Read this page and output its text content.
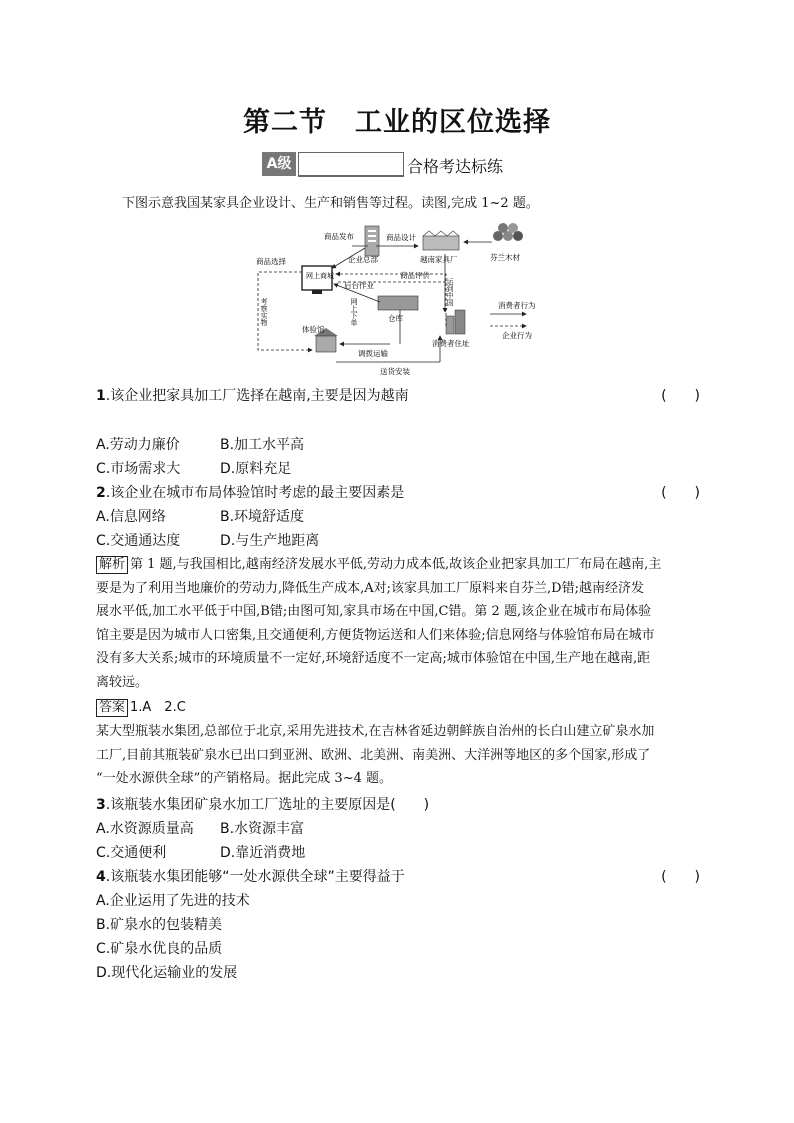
第二节　工业的区位选择
A级	合格考达标练
下图示意我国某家具企业设计、生产和销售等过程。读图,完成 1~2 题。
商品发布	商品设计
企业总部	越南家具厂	芬兰木材
商品选择
网上商城	商品评价
运到中国
后台作业
网上下单	仓库
考察实物
体验馆
消费者住址
调拨运输
送货安装
消费者行为
企业行为
1.该企业把家具加工厂选择在越南,主要是因为越南	(　　)
A.劳动力廉价	B.加工水平高
C.市场需求大	D.原料充足
2.该企业在城市布局体验馆时考虑的最主要因素是	(　　)
A.信息网络	B.环境舒适度
C.交通通达度	D.与生产地距离
解析 第 1 题,与我国相比,越南经济发展水平低,劳动力成本低,故该企业把家具加工厂布局在越南,主
要是为了利用当地廉价的劳动力,降低生产成本,A对;该家具加工厂原料来自芬兰,D错;越南经济发
展水平低,加工水平低于中国,B错;由图可知,家具市场在中国,C错。第 2 题,该企业在城市布局体验
馆主要是因为城市人口密集,且交通便利,方便货物运送和人们来体验;信息网络与体验馆布局在城市
没有多大关系;城市的环境质量不一定好,环境舒适度不一定高;城市体验馆在中国,生产地在越南,距
离较远。
答案 1.A　2.C
某大型瓶装水集团,总部位于北京,采用先进技术,在吉林省延边朝鲜族自治州的长白山建立矿泉水加
工厂,目前其瓶装矿泉水已出口到亚洲、欧洲、北美洲、南美洲、大洋洲等地区的多个国家,形成了
“一处水源供全球”的产销格局。据此完成 3~4 题。
3.该瓶装水集团矿泉水加工厂选址的主要原因是(　　)
A.水资源质量高 B.水资源丰富
C.交通便利	D.靠近消费地
4.该瓶装水集团能够“一处水源供全球”主要得益于	(　　)
A.企业运用了先进的技术
B.矿泉水的包装精美
C.矿泉水优良的品质
D.现代化运输业的发展
